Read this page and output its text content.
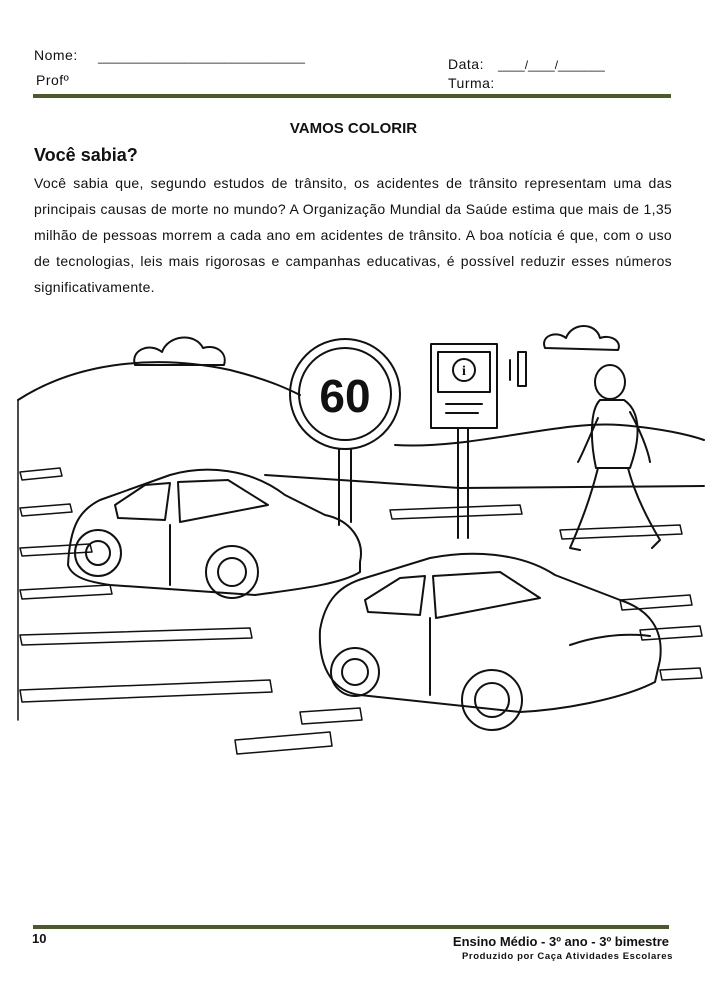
Nome: _______________________________
Profº
Data: ____/____/_______
Turma:
VAMOS COLORIR
Você sabia?
Você sabia que, segundo estudos de trânsito, os acidentes de trânsito representam uma das principais causas de morte no mundo? A Organização Mundial da Saúde estima que mais de 1,35 milhão de pessoas morrem a cada ano em acidentes de trânsito. A boa notícia é que, com o uso de tecnologias, leis mais rigorosas e campanhas educativas, é possível reduzir esses números significativamente.
60	i
10	Ensino Médio - 3º ano - 3º bimestre
Produzido por Caça Atividades Escolares
